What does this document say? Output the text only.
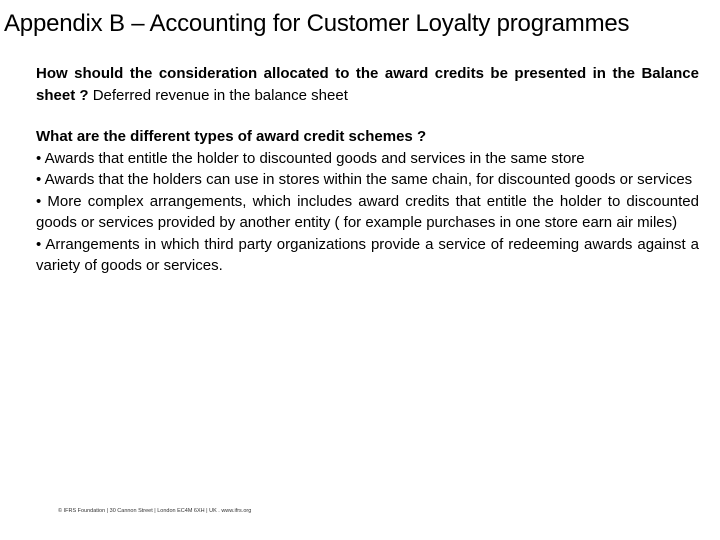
Appendix B – Accounting for Customer Loyalty programmes

How should the consideration allocated to the award credits be presented in the Balance sheet ? Deferred revenue in the balance sheet

What are the different types of award credit schemes ?

• Awards that entitle the holder to discounted goods and services in the same store

• Awards that the holders can use in stores within the same chain, for discounted goods or services

• More complex arrangements, which includes award credits that entitle the holder to discounted goods or services provided by another entity ( for example purchases in one store earn air miles)

• Arrangements in which third party organizations provide a service of redeeming awards against a variety of goods or services.

© IFRS Foundation | 30 Cannon Street | London EC4M 6XH | UK . www.ifrs.org
